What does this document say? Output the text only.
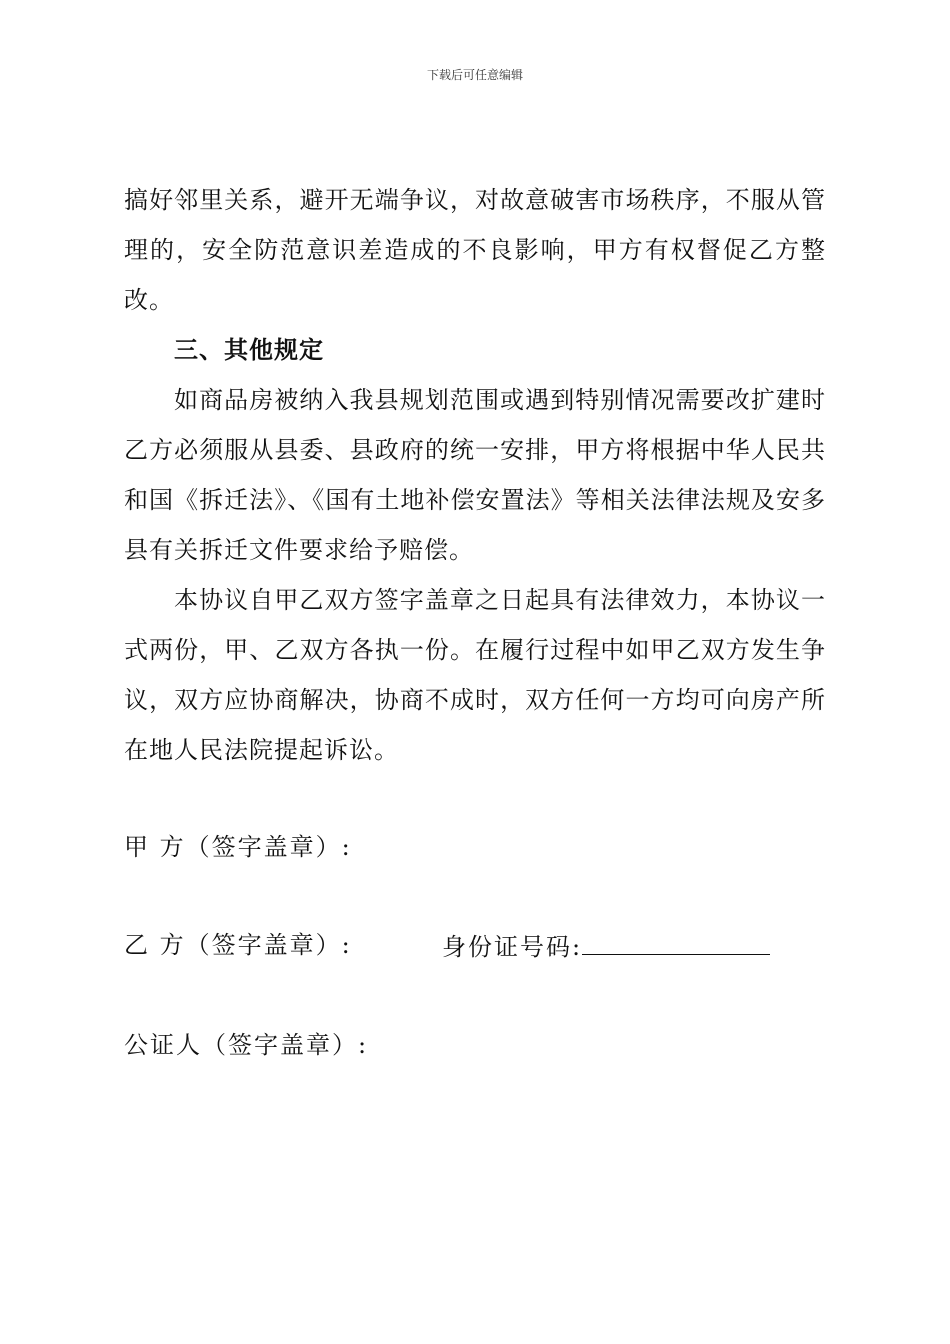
下载后可任意编辑

搞好邻里关系，避开无端争议，对故意破害市场秩序，不服从管理的，安全防范意识差造成的不良影响，甲方有权督促乙方整改。

三、其他规定

如商品房被纳入我县规划范围或遇到特别情况需要改扩建时乙方必须服从县委、县政府的统一安排，甲方将根据中华人民共和国《拆迁法》、《国有土地补偿安置法》等相关法律法规及安多县有关拆迁文件要求给予赔偿。

本协议自甲乙双方签字盖章之日起具有法律效力，本协议一式两份，甲、乙双方各执一份。在履行过程中如甲乙双方发生争议，双方应协商解决，协商不成时，双方任何一方均可向房产所在地人民法院提起诉讼。

甲 方（签字盖章）:
乙 方（签字盖章）:	身份证号码:
公证人（签字盖章）:
